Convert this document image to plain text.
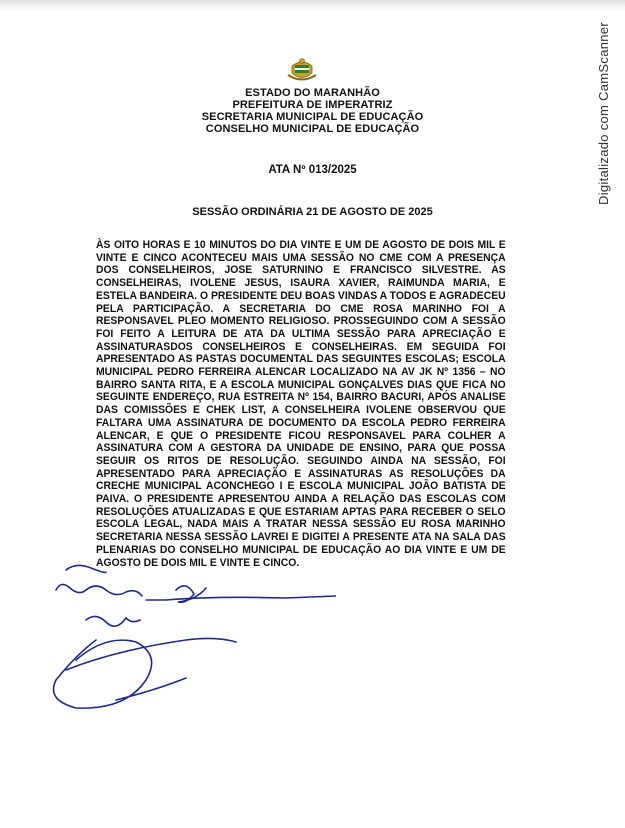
ESTADO DO MARANHÃO
PREFEITURA DE IMPERATRIZ
SECRETARIA MUNICIPAL DE EDUCAÇÃO
CONSELHO MUNICIPAL DE EDUCAÇÃO
ATA Nº 013/2025
SESSÃO ORDINÁRIA 21 DE AGOSTO DE 2025
ÀS OITO HORAS E 10 MINUTOS DO DIA VINTE E UM DE AGOSTO DE DOIS MIL E VINTE E CINCO ACONTECEU MAIS UMA SESSÃO NO CME COM A PRESENÇA DOS CONSELHEIROS, JOSE SATURNINO E FRANCISCO SILVESTRE. AS CONSELHEIRAS, IVOLENE JESUS, ISAURA XAVIER, RAIMUNDA MARIA, E ESTELA BANDEIRA. O PRESIDENTE DEU BOAS VINDAS A TODOS E AGRADECEU PELA PARTICIPAÇÃO. A SECRETARIA DO CME ROSA MARINHO FOI A RESPONSAVEL PLEO MOMENTO RELIGIOSO. PROSSEGUINDO COM A SESSÃO FOI FEITO A LEITURA DE ATA DA ULTIMA SESSÃO PARA APRECIAÇÃO E ASSINATURASDOS CONSELHEIROS E CONSELHEIRAS. EM SEGUIDA FOI APRESENTADO AS PASTAS DOCUMENTAL DAS SEGUINTES ESCOLAS; ESCOLA MUNICIPAL PEDRO FERREIRA ALENCAR LOCALIZADO NA AV JK Nº 1356 – NO BAIRRO SANTA RITA, E A ESCOLA MUNICIPAL GONÇALVES DIAS QUE FICA NO SEGUINTE ENDEREÇO, RUA ESTREITA Nº 154, BAIRRO BACURI, APÓS ANALISE DAS COMISSÕES E CHEK LIST, A CONSELHEIRA IVOLENE OBSERVOU QUE FALTARA UMA ASSINATURA DE DOCUMENTO DA ESCOLA PEDRO FERREIRA ALENCAR, E QUE O PRESIDENTE FICOU RESPONSAVEL PARA COLHER A ASSINATURA COM A GESTORA DA UNIDADE DE ENSINO, PARA QUE POSSA SEGUIR OS RITOS DE RESOLUÇÃO. SEGUINDO AINDA NA SESSÃO, FOI APRESENTADO PARA APRECIAÇÃO E ASSINATURAS AS RESOLUÇÕES DA CRECHE MUNICIPAL ACONCHEGO I E ESCOLA MUNICIPAL JOÃO BATISTA DE PAIVA. O PRESIDENTE APRESENTOU AINDA A RELAÇÃO DAS ESCOLAS COM RESOLUÇÕES ATUALIZADAS E QUE ESTARIAM APTAS PARA RECEBER O SELO ESCOLA LEGAL, NADA MAIS A TRATAR NESSA SESSÃO EU ROSA MARINHO SECRETARIA NESSA SESSÃO LAVREI E DIGITEI A PRESENTE ATA NA SALA DAS PLENARIAS DO CONSELHO MUNICIPAL DE EDUCAÇÃO AO DIA VINTE E UM DE AGOSTO DE DOIS MIL E VINTE E CINCO.
Digitalizado com CamScanner
